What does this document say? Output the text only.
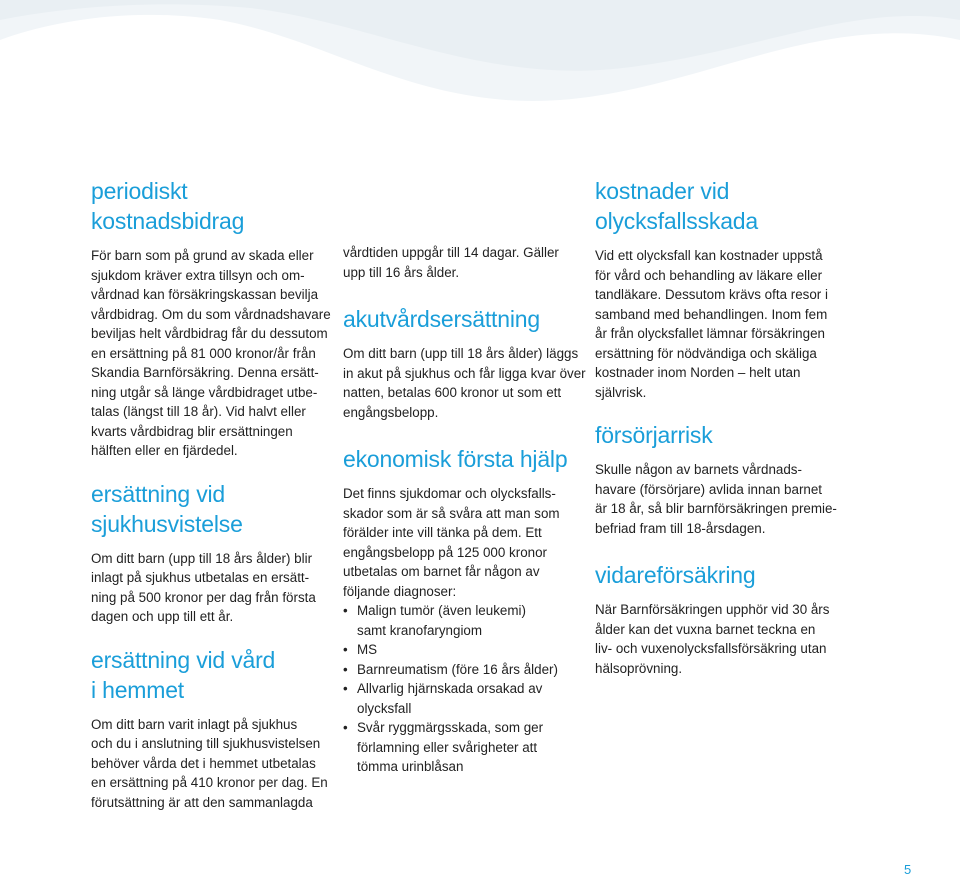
periodiskt
kostnadsbidrag

För barn som på grund av skada eller
sjukdom kräver extra tillsyn och om-
vårdnad kan försäkringskassan bevilja
vårdbidrag. Om du som vårdnadshavare
beviljas helt vårdbidrag får du dessutom
en ersättning på 81 000 kronor/år från
Skandia Barnförsäkring. Denna ersätt-
ning utgår så länge vårdbidraget utbe-
talas (längst till 18 år). Vid halvt eller
kvarts vårdbidrag blir ersättningen
hälften eller en fjärdedel.

ersättning vid
sjukhusvistelse

Om ditt barn (upp till 18 års ålder) blir
inlagt på sjukhus utbetalas en ersätt-
ning på 500 kronor per dag från första
dagen och upp till ett år.

ersättning vid vård
i hemmet

Om ditt barn varit inlagt på sjukhus
och du i anslutning till sjukhusvistelsen
behöver vårda det i hemmet utbetalas
en ersättning på 410 kronor per dag. En
förutsättning är att den sammanlagda

vårdtiden uppgår till 14 dagar. Gäller
upp till 16 års ålder.

akutvårdsersättning

Om ditt barn (upp till 18 års ålder) läggs
in akut på sjukhus och får ligga kvar över
natten, betalas 600 kronor ut som ett
engångsbelopp.

ekonomisk första hjälp

Det finns sjukdomar och olycksfalls-
skador som är så svåra att man som
förälder inte vill tänka på dem. Ett
engångsbelopp på 125 000 kronor
utbetalas om barnet får någon av
följande diagnoser:

• Malign tumör (även leukemi)
samt kranofaryngiom
• MS
• Barnreumatism (före 16 års ålder)
• Allvarlig hjärnskada orsakad av
olycksfall
• Svår ryggmärgsskada, som ger
förlamning eller svårigheter att
tömma urinblåsan
kostnader vid
olycksfallsskada

Vid ett olycksfall kan kostnader uppstå
för vård och behandling av läkare eller
tandläkare. Dessutom krävs ofta resor i
samband med behandlingen. Inom fem
år från olycksfallet lämnar försäkringen
ersättning för nödvändiga och skäliga
kostnader inom Norden – helt utan
självrisk.

försörjarrisk

Skulle någon av barnets vårdnads-
havare (försörjare) avlida innan barnet
är 18 år, så blir barnförsäkringen premie-
befriad fram till 18-årsdagen.

vidareförsäkring

När Barnförsäkringen upphör vid 30 års
ålder kan det vuxna barnet teckna en
liv- och vuxenolycksfallsförsäkring utan
hälsoprövning.

5
